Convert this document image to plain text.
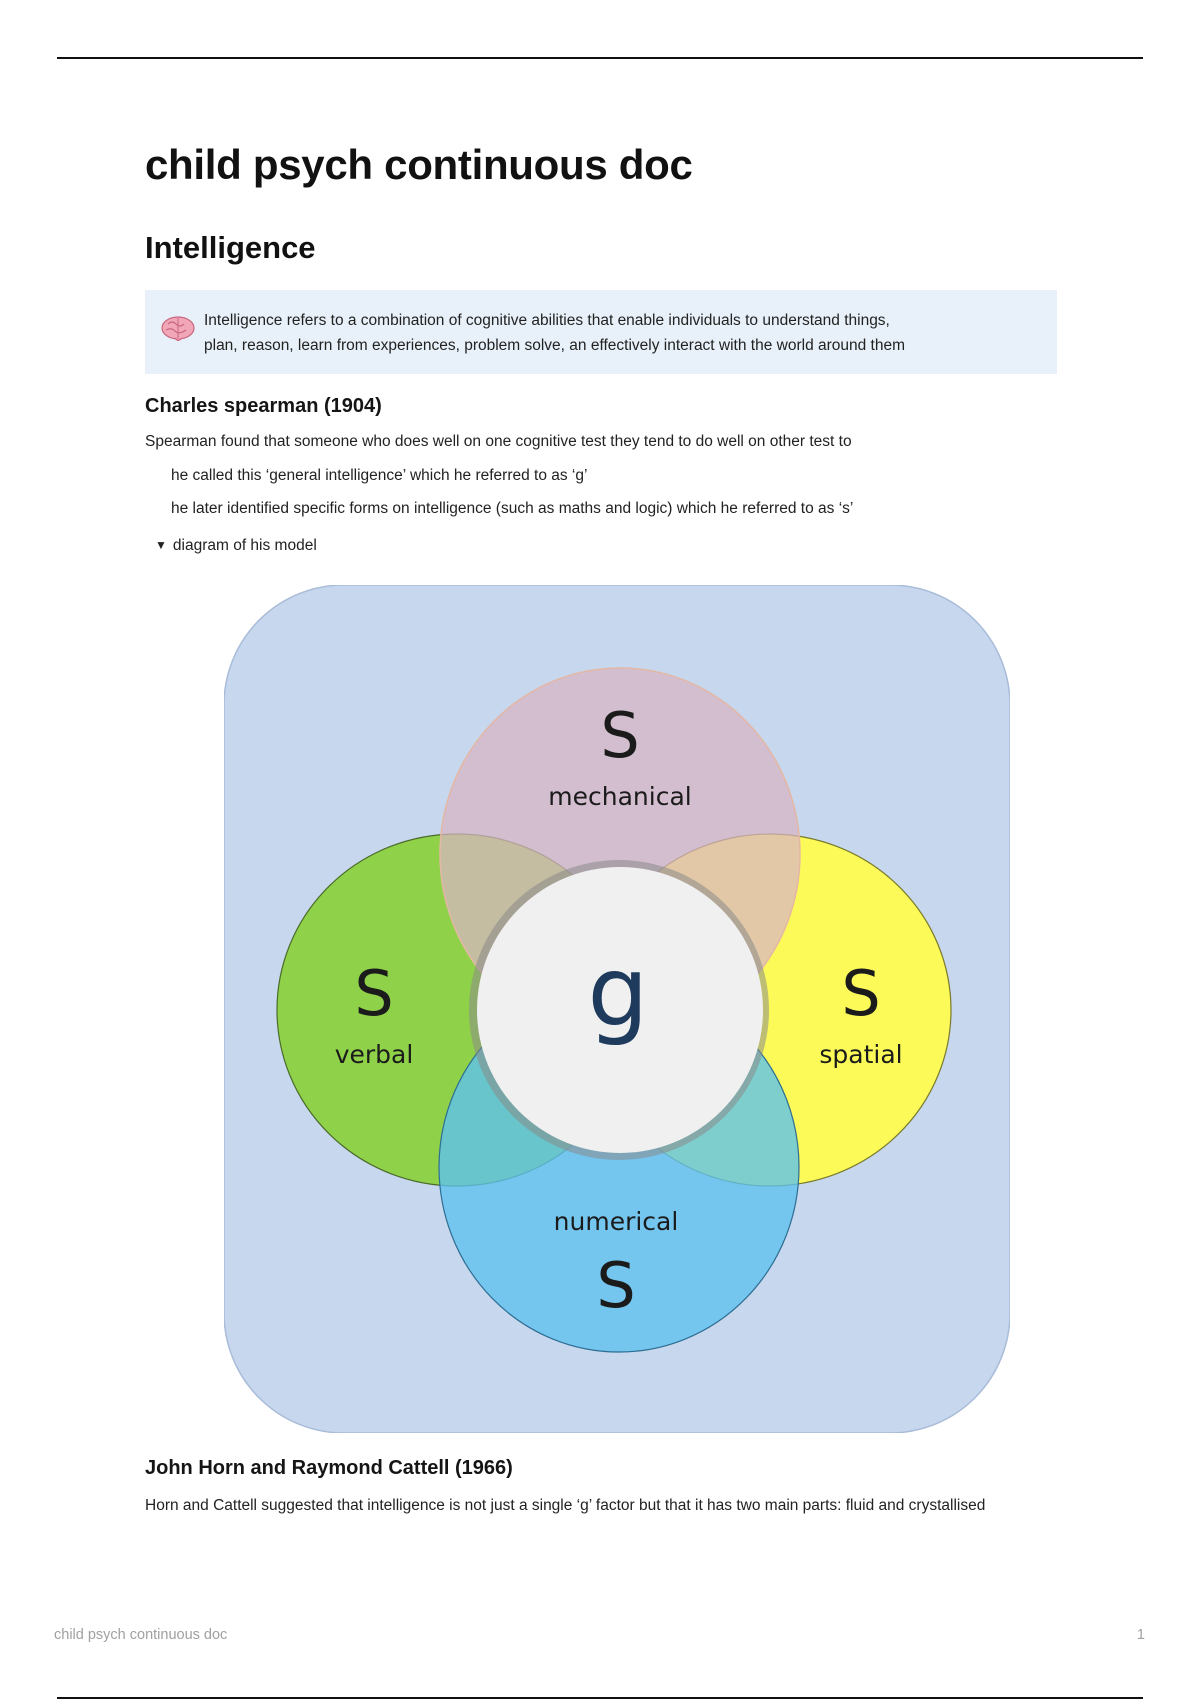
child psych continuous doc
Intelligence
Intelligence refers to a combination of cognitive abilities that enable individuals to understand things,
plan, reason, learn from experiences, problem solve, an effectively interact with the world around them
Charles spearman (1904)

Spearman found that someone who does well on one cognitive test they tend to do well on other test to

he called this ‘general intelligence’ which he referred to as ‘g’

he later identified specific forms on intelligence (such as maths and logic) which he referred to as ‘s’

▼ diagram of his model
John Horn and Raymond Cattell (1966)

Horn and Cattell suggested that intelligence is not just a single ‘g’ factor but that it has two main parts: fluid and crystallised

S
mechanical
S
verbal
S
spatial
numerical
S
g
child psych continuous doc	1
